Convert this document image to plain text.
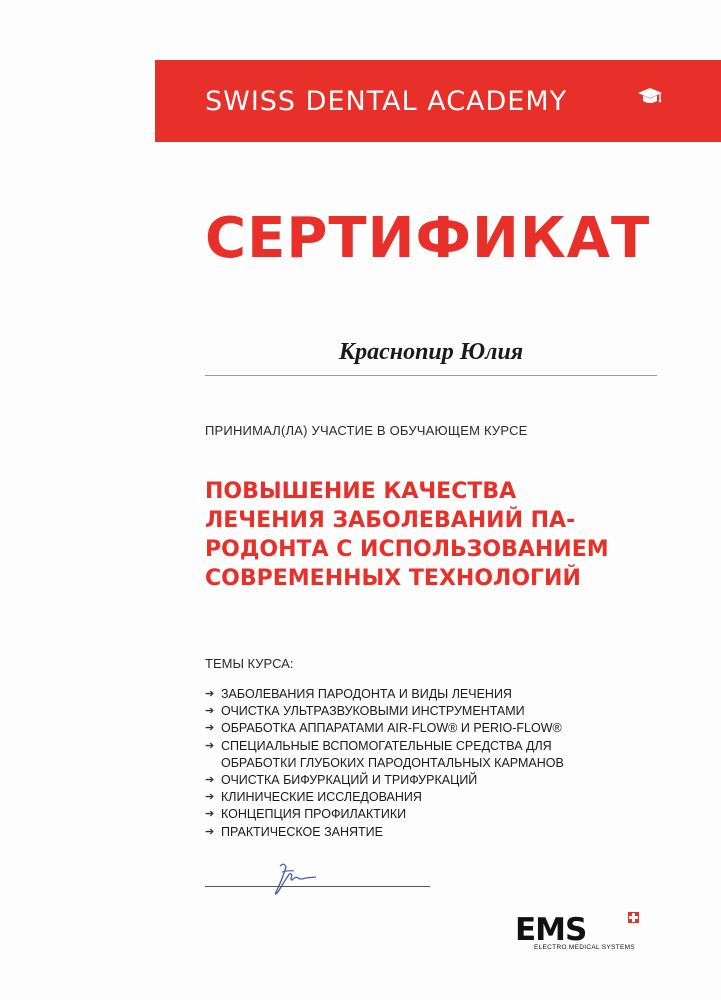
SWISS DENTAL ACADEMY
СЕРТИФИКАТ
Краснопир Юлия
ПРИНИМАЛ(ЛА) УЧАСТИЕ В ОБУЧАЮЩЕМ КУРСЕ
ПОВЫШЕНИЕ КАЧЕСТВА
ЛЕЧЕНИЯ ЗАБОЛЕВАНИЙ ПА-
РОДОНТА С ИСПОЛЬЗОВАНИЕМ
СОВРЕМЕННЫХ ТЕХНОЛОГИЙ
ТЕМЫ КУРСА:
➔ ЗАБОЛЕВАНИЯ ПАРОДОНТА И ВИДЫ ЛЕЧЕНИЯ
➔ ОЧИСТКА УЛЬТРАЗВУКОВЫМИ ИНСТРУМЕНТАМИ
➔ ОБРАБОТКА АППАРАТАМИ AIR-FLOW® И PERIO-FLOW®
➔ СПЕЦИАЛЬНЫЕ ВСПОМОГАТЕЛЬНЫЕ СРЕДСТВА ДЛЯ
ОБРАБОТКИ ГЛУБОКИХ ПАРОДОНТАЛЬНЫХ КАРМАНОВ
➔ ОЧИСТКА БИФУРКАЦИЙ И ТРИФУРКАЦИЙ
➔ КЛИНИЧЕСКИЕ ИССЛЕДОВАНИЯ
➔ КОНЦЕПЦИЯ ПРОФИЛАКТИКИ
➔ ПРАКТИЧЕСКОЕ ЗАНЯТИЕ
EMS
ELECTRO MEDICAL SYSTEMS
